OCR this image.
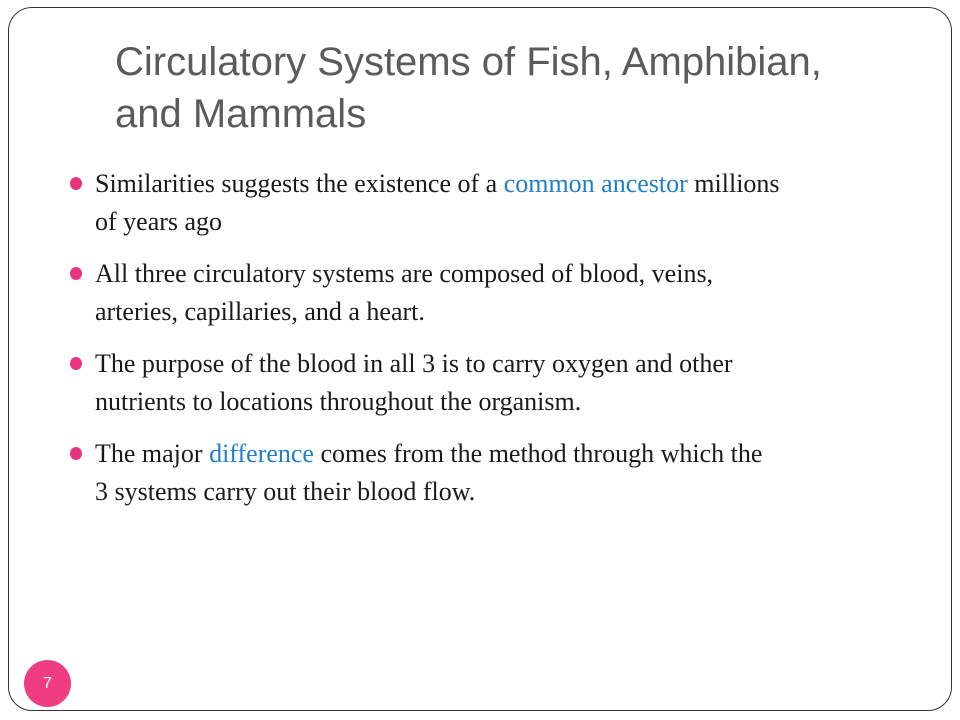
Circulatory Systems of Fish, Amphibian,
and Mammals
Similarities suggests the existence of a common ancestor millions
of years ago
All three circulatory systems are composed of blood, veins,
arteries, capillaries, and a heart.
The purpose of the blood in all 3 is to carry oxygen and other
nutrients to locations throughout the organism.
The major difference comes from the method through which the
3 systems carry out their blood flow.
7
